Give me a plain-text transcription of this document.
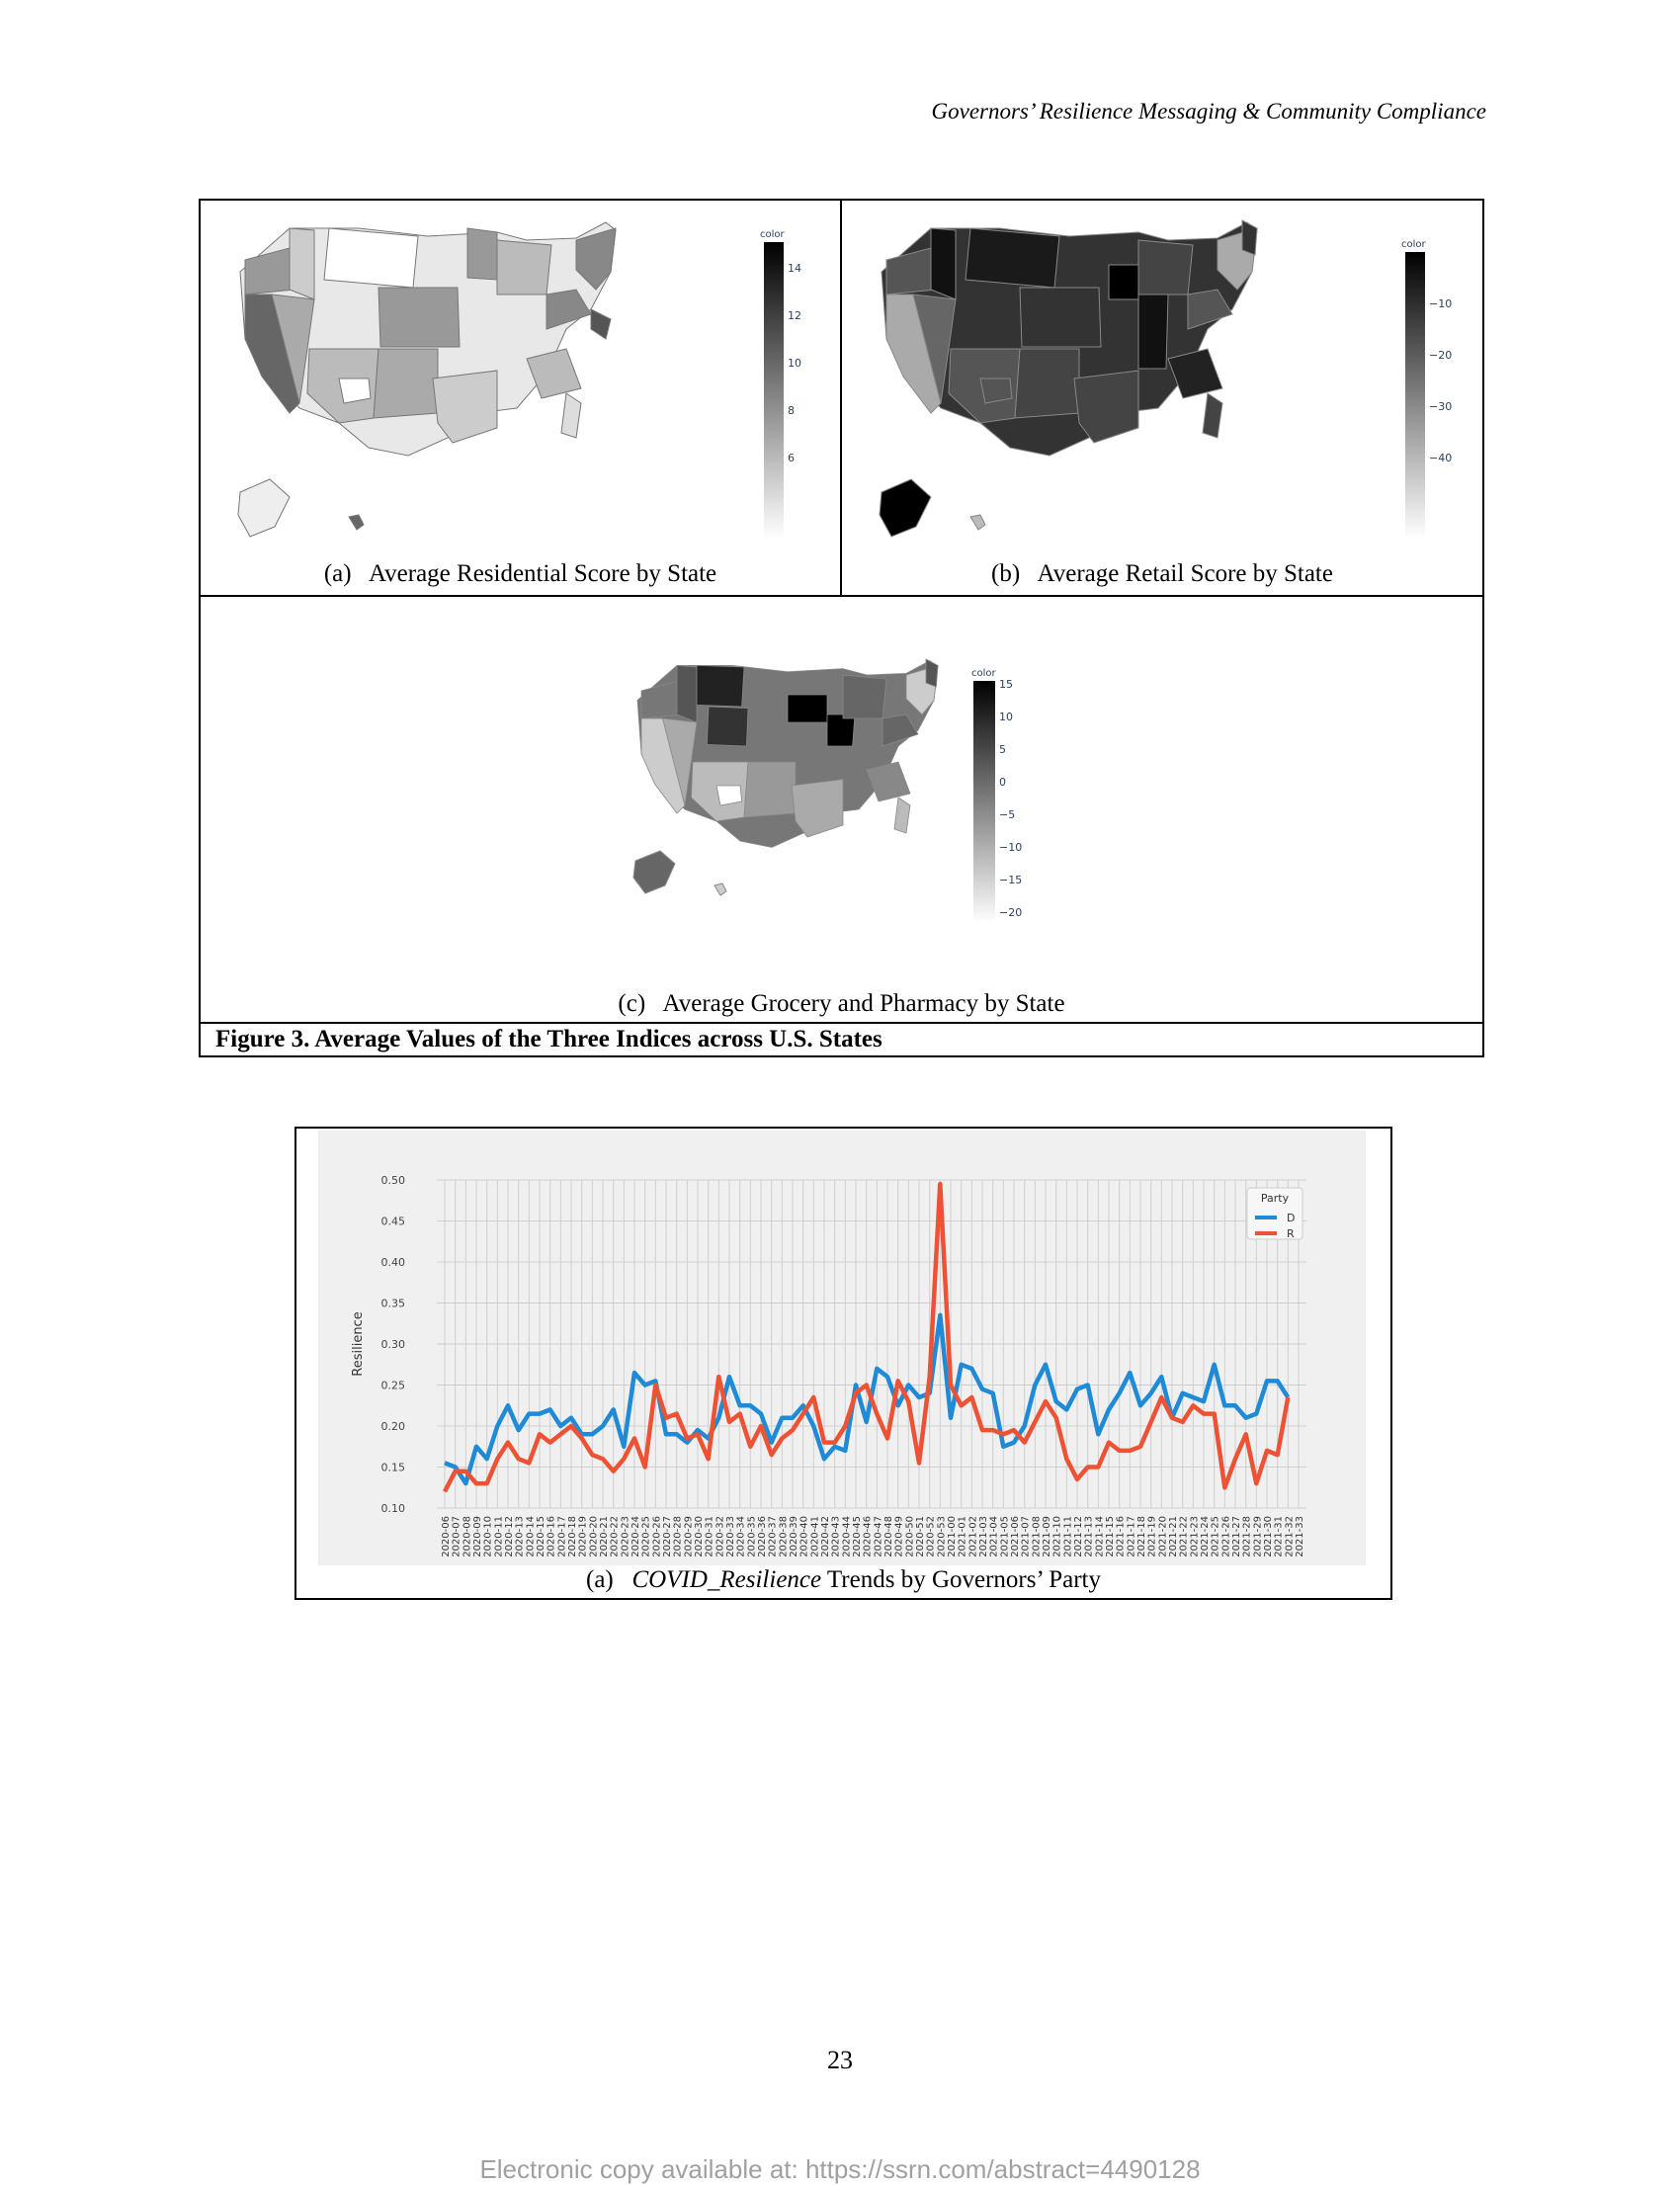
Governors’ Resilience Messaging & Community Compliance
color
14
12
10
8
6
(a) Average Residential Score by State
color
−10
−20
−30
−40
(b) Average Retail Score by State
color
15
10
5
0
−5
−10
−15
−20
(c) Average Grocery and Pharmacy by State
Figure 3. Average Values of the Three Indices across U.S. States
0.10
0.15
0.20
0.25
0.30
0.35
0.40
0.45
0.50
Resilience
2020-06 2020-07 2020-08 2020-09 2020-10 2020-11 2020-12 2020-13 2020-14 2020-15 2020-16 2020-17 2020-18 2020-19 2020-20 2020-21 2020-22 2020-23 2020-24 2020-25 2020-26 2020-27 2020-28 2020-29 2020-30 2020-31 2020-32 2020-33 2020-34 2020-35 2020-36 2020-37 2020-38 2020-39 2020-40 2020-41 2020-42 2020-43 2020-44 2020-45 2020-46 2020-47 2020-48 2020-49 2020-50 2020-51 2020-52 2020-53 2021-00 2021-01 2021-02 2021-03 2021-04 2021-05 2021-06 2021-07 2021-08 2021-09 2021-10 2021-11 2021-12 2021-13 2021-14 2021-15 2021-16 2021-17 2021-18 2021-19 2021-20 2021-21 2021-22 2021-23 2021-24 2021-25 2021-26 2021-27 2021-28 2021-29 2021-30 2021-31 2021-32 2021-33
Party
D
R
(a) COVID_Resilience Trends by Governors’ Party
23
Electronic copy available at: https://ssrn.com/abstract=4490128
